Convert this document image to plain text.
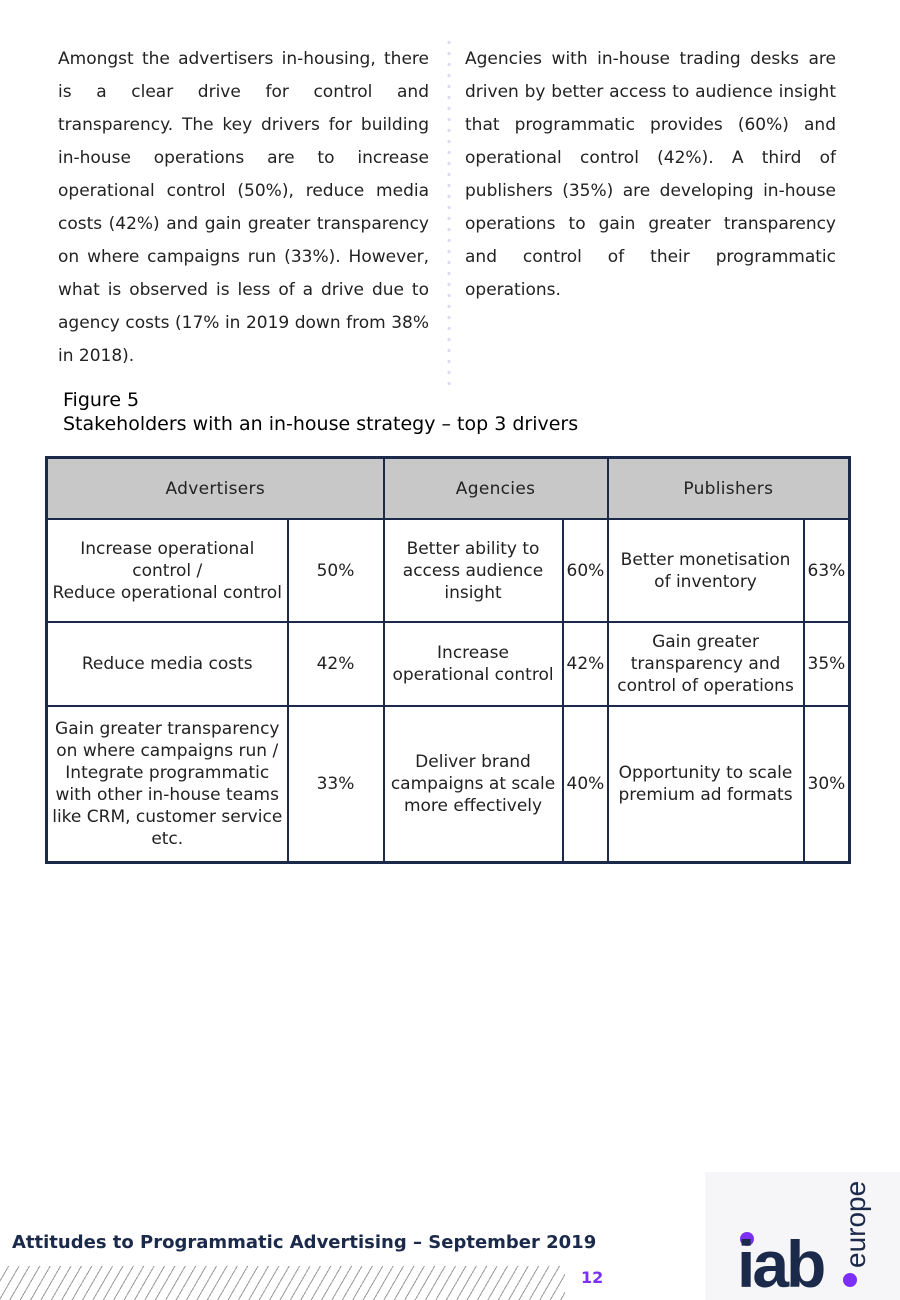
Amongst the advertisers in-housing, there is a clear drive for control and transparency. The key drivers for building in-house operations are to increase operational control (50%), reduce media costs (42%) and gain greater transparency on where campaigns run (33%). However, what is observed is less of a drive due to agency costs (17% in 2019 down from 38% in 2018).
Agencies with in-house trading desks are driven by better access to audience insight that programmatic provides (60%) and operational control (42%). A third of publishers (35%) are developing in-house operations to gain greater transparency and control of their programmatic operations.
Figure 5
Stakeholders with an in-house strategy – top 3 drivers
Advertisers		Agencies		Publishers	
Increase operational control /
Reduce operational control	50%	Better ability to access audience insight	60%	Better monetisation of inventory	63%
Reduce media costs	42%	Increase operational control	42%	Gain greater transparency and control of operations	35%
Gain greater transparency on where campaigns run / Integrate programmatic with other in-house teams like CRM, customer service etc.	33%	Deliver brand campaigns at scale more effectively	40%	Opportunity to scale premium ad formats	30%
Attitudes to Programmatic Advertising – September 2019
12 iab europe
